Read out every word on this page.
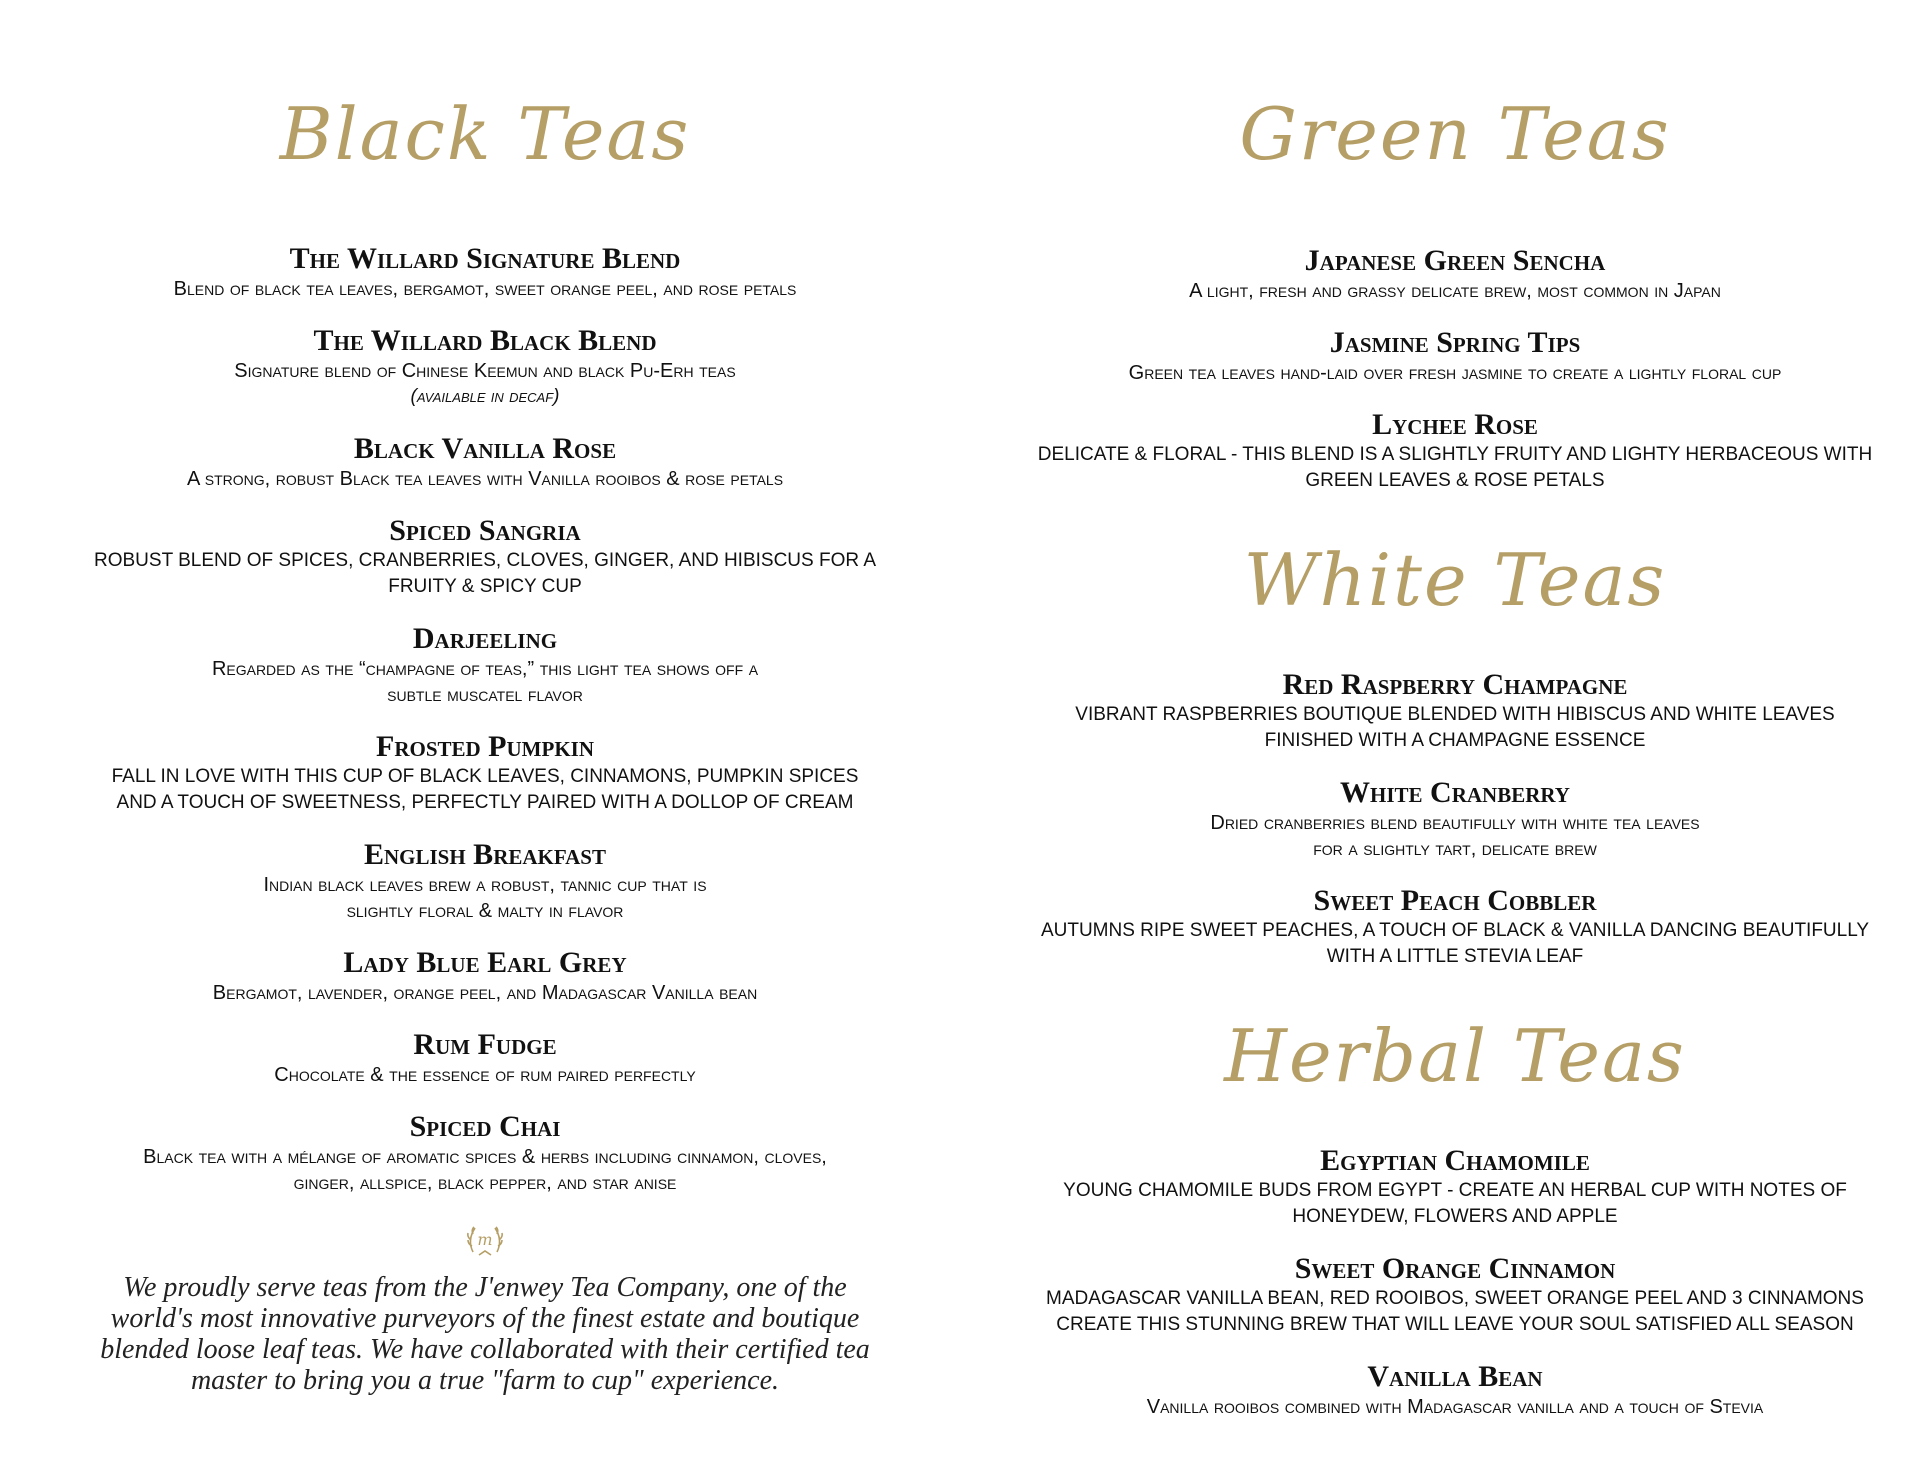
Black Teas
The Willard Signature Blend
Blend of black tea leaves, bergamot, sweet orange peel, and rose petals
The Willard Black Blend
Signature blend of Chinese Keemun and black Pu-Erh teas
(available in decaf)
Black Vanilla Rose
A strong, robust Black tea leaves with Vanilla rooibos & rose petals
Spiced Sangria
ROBUST BLEND OF SPICES, CRANBERRIES, CLOVES, GINGER, AND HIBISCUS FOR A FRUITY & SPICY CUP
Darjeeling
Regarded as the “champagne of teas,” this light tea shows off a subtle muscatel flavor
Frosted Pumpkin
FALL IN LOVE WITH THIS CUP OF BLACK LEAVES, CINNAMONS, PUMPKIN SPICES AND A TOUCH OF SWEETNESS, PERFECTLY PAIRED WITH A DOLLOP OF CREAM
English Breakfast
Indian black leaves brew a robust, tannic cup that is slightly floral & malty in flavor
Lady Blue Earl Grey
Bergamot, lavender, orange peel, and Madagascar Vanilla bean
Rum Fudge
Chocolate & the essence of rum paired perfectly
Spiced Chai
Black tea with a mélange of aromatic spices & herbs including cinnamon, cloves, ginger, allspice, black pepper, and star anise
m
We proudly serve teas from the J'enwey Tea Company, one of the world's most innovative purveyors of the finest estate and boutique blended loose leaf teas. We have collaborated with their certified tea master to bring you a true "farm to cup" experience.
Green Teas
Japanese Green Sencha
A light, fresh and grassy delicate brew, most common in Japan
Jasmine Spring Tips
Green tea leaves hand-laid over fresh jasmine to create a lightly floral cup
Lychee Rose
DELICATE & FLORAL - THIS BLEND IS A SLIGHTLY FRUITY AND LIGHTY HERBACEOUS WITH GREEN LEAVES & ROSE PETALS
White Teas
Red Raspberry Champagne
VIBRANT RASPBERRIES BOUTIQUE BLENDED WITH HIBISCUS AND WHITE LEAVES FINISHED WITH A CHAMPAGNE ESSENCE
White Cranberry
Dried cranberries blend beautifully with white tea leaves for a slightly tart, delicate brew
Sweet Peach Cobbler
AUTUMNS RIPE SWEET PEACHES, A TOUCH OF BLACK & VANILLA DANCING BEAUTIFULLY WITH A LITTLE STEVIA LEAF
Herbal Teas
Egyptian Chamomile
YOUNG CHAMOMILE BUDS FROM EGYPT - CREATE AN HERBAL CUP WITH NOTES OF HONEYDEW, FLOWERS AND APPLE
Sweet Orange Cinnamon
MADAGASCAR VANILLA BEAN, RED ROOIBOS, SWEET ORANGE PEEL AND 3 CINNAMONS CREATE THIS STUNNING BREW THAT WILL LEAVE YOUR SOUL SATISFIED ALL SEASON
Vanilla Bean
Vanilla rooibos combined with Madagascar vanilla and a touch of Stevia
